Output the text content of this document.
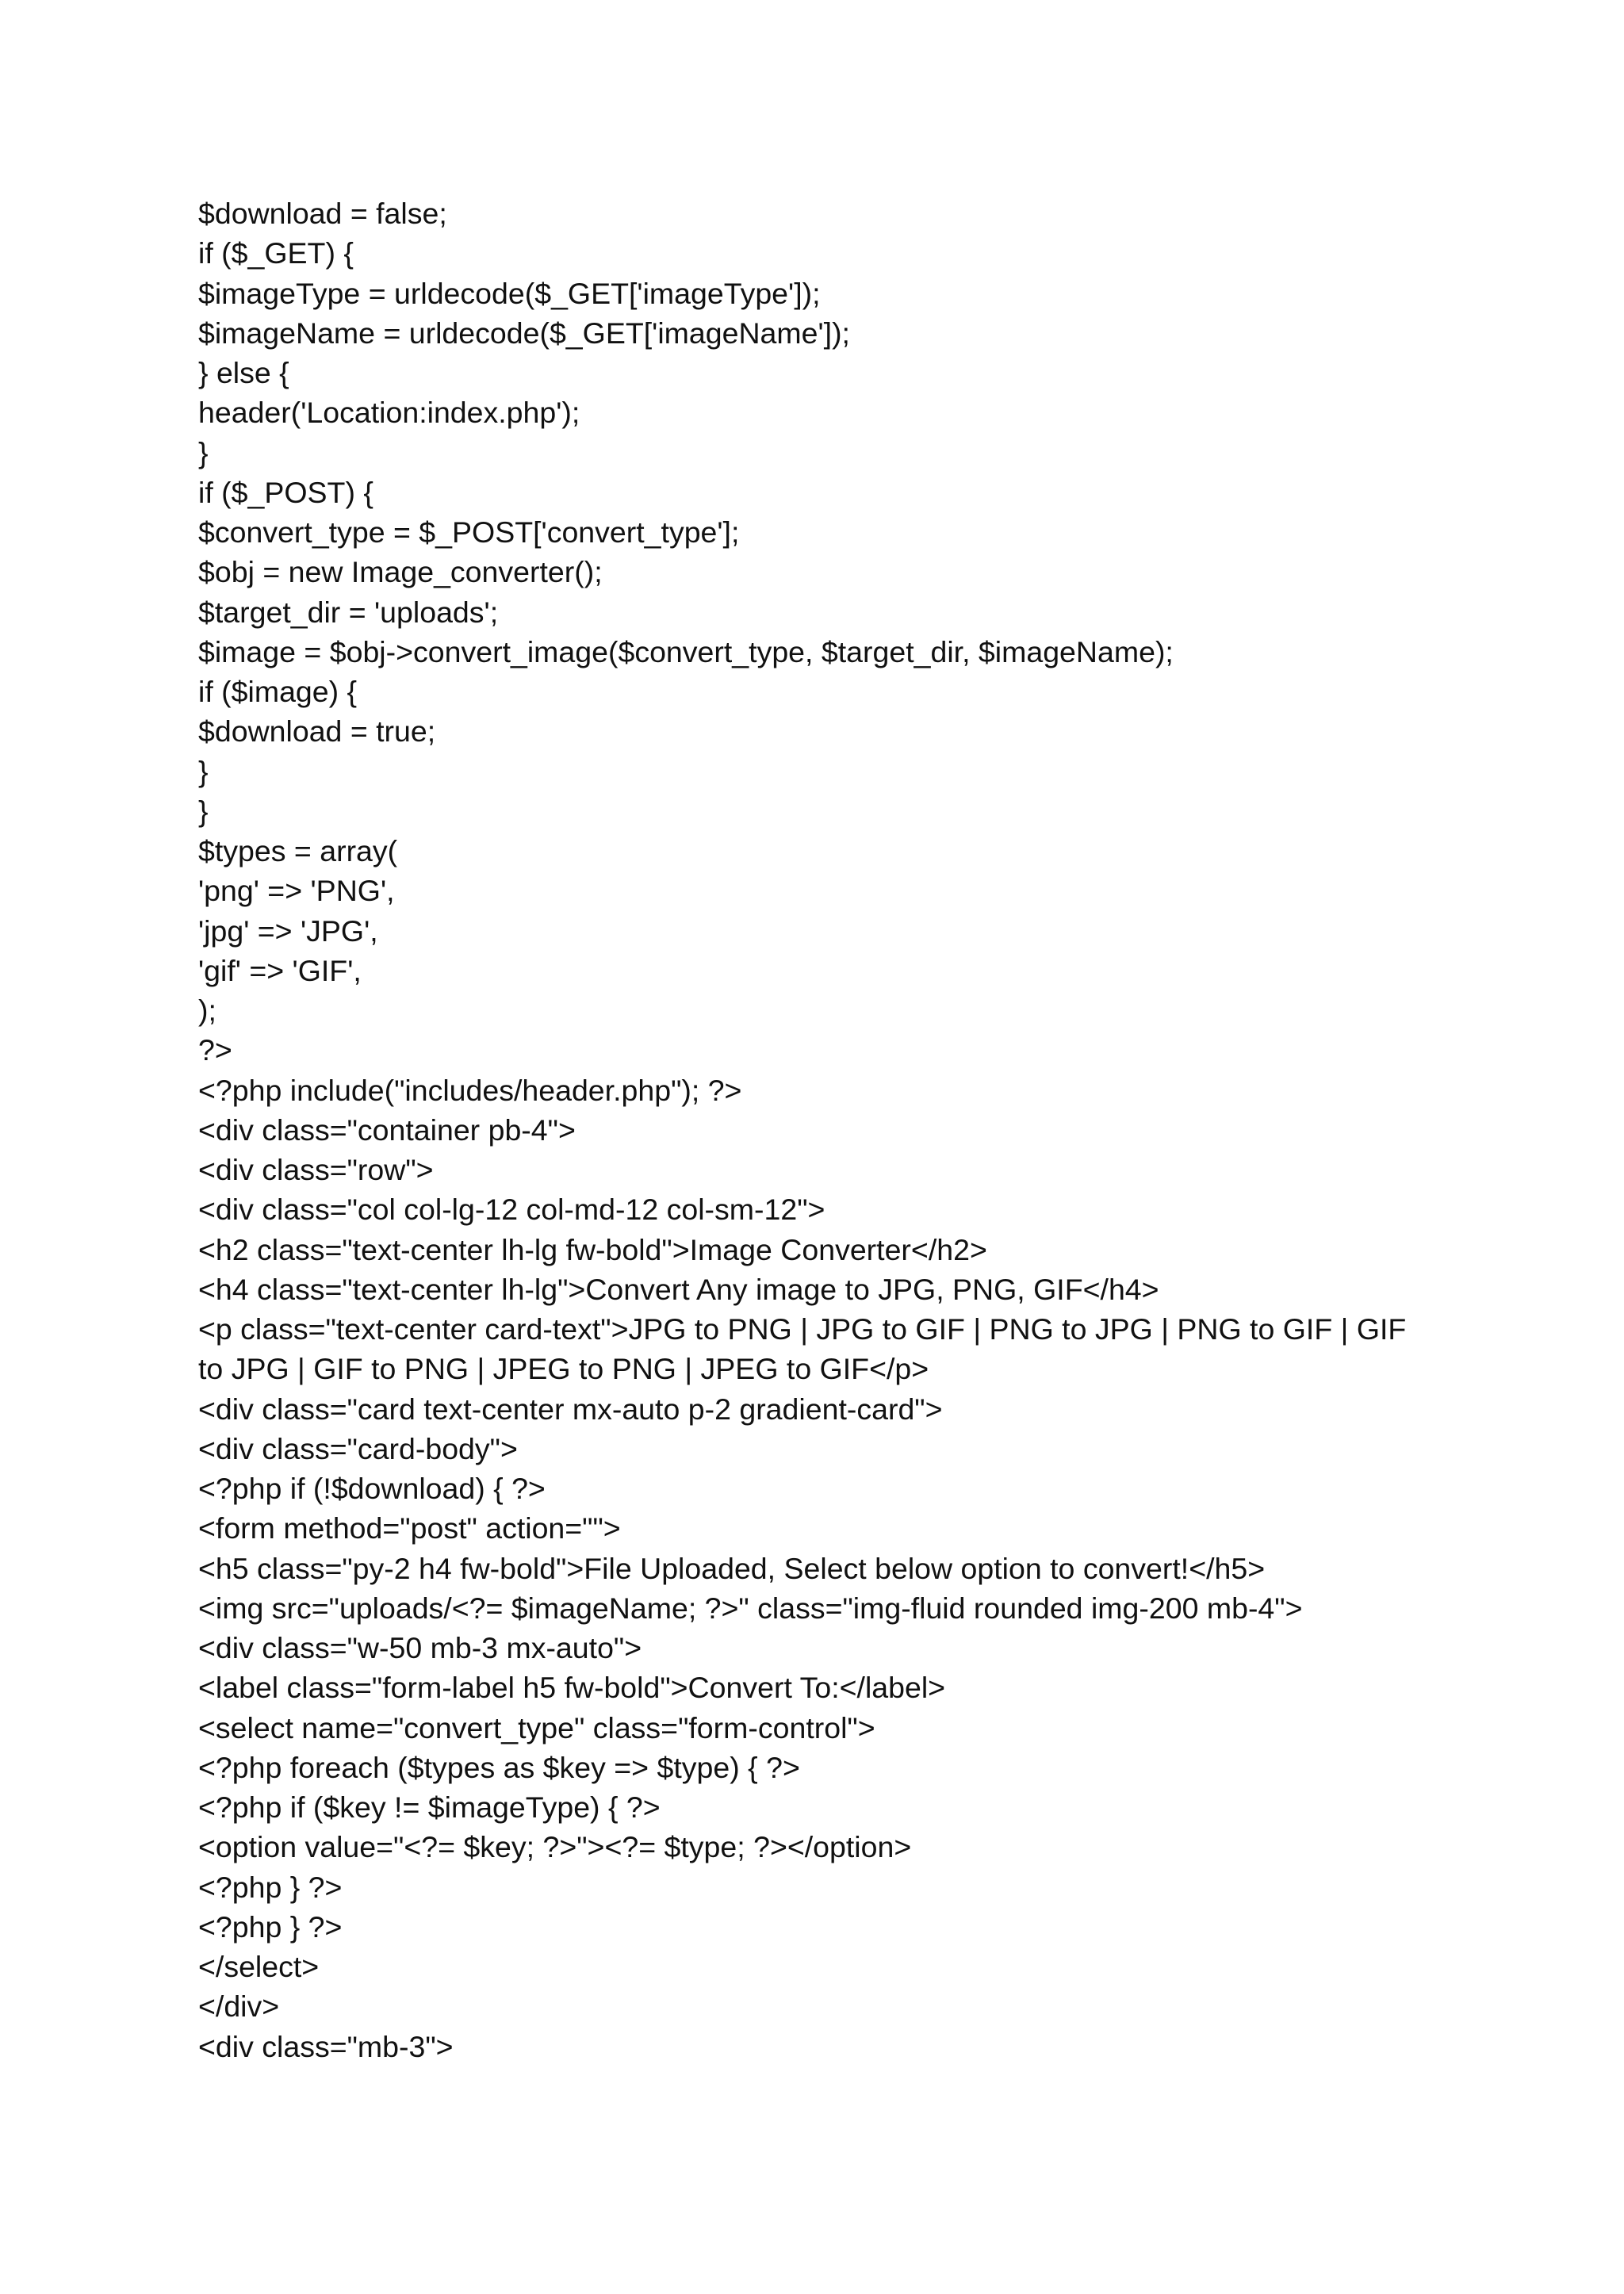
$download = false;

if ($_GET) {

$imageType = urldecode($_GET['imageType']);

$imageName = urldecode($_GET['imageName']);

} else {

header('Location:index.php');

}

if ($_POST) {

$convert_type = $_POST['convert_type'];

$obj = new Image_converter();

$target_dir = 'uploads';

$image = $obj->convert_image($convert_type, $target_dir, $imageName);

if ($image) {

$download = true;

}

}

$types = array(

'png' => 'PNG',

'jpg' => 'JPG',

'gif' => 'GIF',

);

?>

<?php include("includes/header.php"); ?>

<div class="container pb-4">

<div class="row">

<div class="col col-lg-12 col-md-12 col-sm-12">

<h2 class="text-center lh-lg fw-bold">Image Converter</h2>

<h4 class="text-center lh-lg">Convert Any image to JPG, PNG, GIF</h4>

<p class="text-center card-text">JPG to PNG | JPG to GIF | PNG to JPG | PNG to GIF | GIF to JPG | GIF to PNG | JPEG to PNG | JPEG to GIF</p>

<div class="card text-center mx-auto p-2 gradient-card">

<div class="card-body">

<?php if (!$download) { ?>

<form method="post" action="">

<h5 class="py-2 h4 fw-bold">File Uploaded, Select below option to convert!</h5>

<img src="uploads/<?= $imageName; ?>" class="img-fluid rounded img-200 mb-4">

<div class="w-50 mb-3 mx-auto">

<label class="form-label h5 fw-bold">Convert To:</label>

<select name="convert_type" class="form-control">

<?php foreach ($types as $key => $type) { ?>

<?php if ($key != $imageType) { ?>

<option value="<?= $key; ?>"><?= $type; ?></option>

<?php } ?>

<?php } ?>

</select>

</div>

<div class="mb-3">
